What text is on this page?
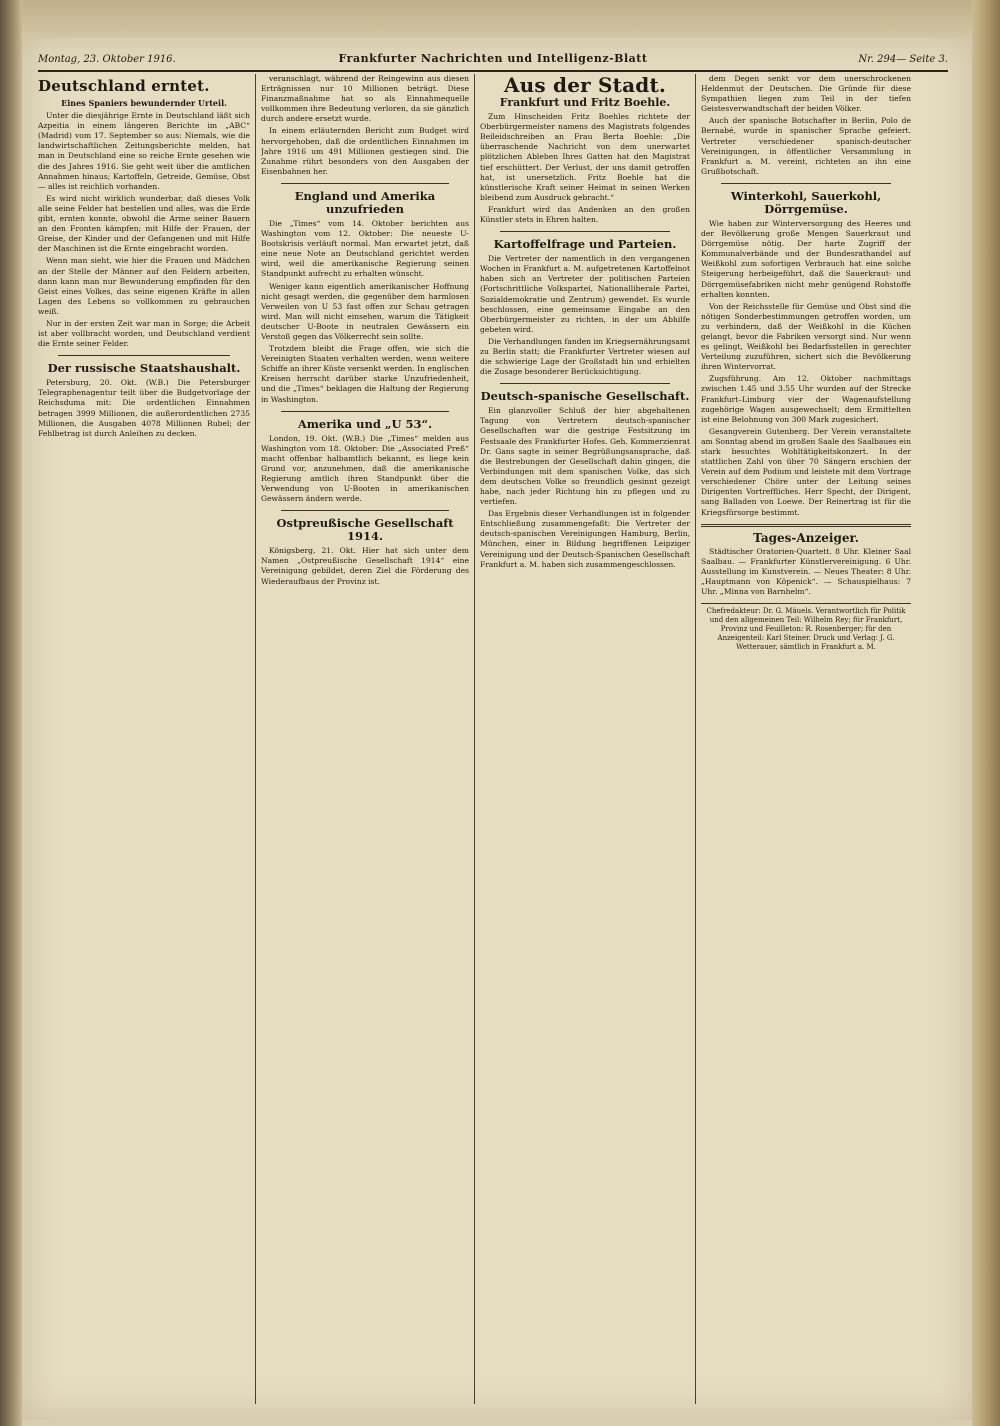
Montag, 23. Oktober 1916.	Frankfurter Nachrichten und Intelligenz-Blatt	Nr. 294— Seite 3.
Deutschland erntet.
Eines Spaniers bewundernder Urteil.

Unter die diesjährige Ernte in Deutschland läßt sich Azpeitia in einem längeren Berichte im „ABC“ (Madrid) vom 17. September so aus: Niemals, wie die landwirtschaftlichen Zeitungsberichte melden, hat man in Deutschland eine so reiche Ernte gesehen wie die des Jahres 1916. Sie geht weit über die amtlichen Annahmen hinaus; Kartoffeln, Getreide, Gemüse, Obst — alles ist reichlich vorhanden.

Es wird nicht wirklich wunderbar, daß dieses Volk alle seine Felder hat bestellen und alles, was die Erde gibt, ernten konnte, obwohl die Arme seiner Bauern an den Fronten kämpfen; mit Hilfe der Frauen, der Greise, der Kinder und der Gefangenen und mit Hilfe der Maschinen ist die Ernte eingebracht worden.

Wenn man sieht, wie hier die Frauen und Mädchen an der Stelle der Männer auf den Feldern arbeiten, dann kann man nur Bewunderung empfinden für den Geist eines Volkes, das seine eigenen Kräfte in allen Lagen des Lebens so vollkommen zu gebrauchen weiß.

Nur in der ersten Zeit war man in Sorge; die Arbeit ist aber vollbracht worden, und Deutschland verdient die Ernte seiner Felder.

Der russische Staatshaushalt.

Petersburg, 20. Okt. (W.B.) Die Petersburger Telegraphenagentur teilt über die Budgetvorlage der Reichsduma mit: Die ordentlichen Einnahmen betragen 3999 Millionen, die außerordentlichen 2735 Millionen, die Ausgaben 4078 Millionen Rubel; der Fehlbetrag ist durch Anleihen zu decken.

veranschlagt, während der Reingewinn aus diesen Erträgnissen nur 10 Millionen beträgt. Diese Finanzmaßnahme hat so als Einnahmequelle vollkommen ihre Bedeutung verloren, da sie gänzlich durch andere ersetzt wurde.

In einem erläuternden Bericht zum Budget wird hervorgehoben, daß die ordentlichen Einnahmen im Jahre 1916 um 491 Millionen gestiegen sind. Die Zunahme rührt besonders von den Ausgaben der Eisenbahnen her.

England und Amerika unzufrieden

Die „Times“ vom 14. Oktober berichten aus Washington vom 12. Oktober: Die neueste U-Bootskrisis verläuft normal. Man erwartet jetzt, daß eine neue Note an Deutschland gerichtet werden wird, weil die amerikanische Regierung seinen Standpunkt aufrecht zu erhalten wünscht.

Weniger kann eigentlich amerikanischer Hoffnung nicht gesagt werden, die gegenüber dem harmlosen Verweilen von U 53 fast offen zur Schau getragen wird. Man will nicht einsehen, warum die Tätigkeit deutscher U-Boote in neutralen Gewässern ein Verstoß gegen das Völkerrecht sein sollte.

Trotzdem bleibt die Frage offen, wie sich die Vereinigten Staaten verhalten werden, wenn weitere Schiffe an ihrer Küste versenkt werden. In englischen Kreisen herrscht darüber starke Unzufriedenheit, und die „Times“ beklagen die Haltung der Regierung in Washington.

Amerika und „U 53“.

London, 19. Okt. (W.B.) Die „Times“ melden aus Washington vom 18. Oktober: Die „Associated Preß“ macht offenbar halbamtlich bekannt, es liege kein Grund vor, anzunehmen, daß die amerikanische Regierung amtlich ihren Standpunkt über die Verwendung von U-Booten in amerikanischen Gewässern ändern werde.

Ostpreußische Gesellschaft 1914.

Königsberg, 21. Okt. Hier hat sich unter dem Namen „Ostpreußische Gesellschaft 1914“ eine Vereinigung gebildet, deren Ziel die Förderung des Wiederaufbaus der Provinz ist.

Aus der Stadt.
Frankfurt und Fritz Boehle.

Zum Hinscheiden Fritz Boehles richtete der Oberbürgermeister namens des Magistrats folgendes Beileidschreiben an Frau Berta Boehle: „Die überraschende Nachricht von dem unerwartet plötzlichen Ableben Ihres Gatten hat den Magistrat tief erschüttert. Der Verlust, der uns damit getroffen hat, ist unersetzlich. Fritz Boehle hat die künstlerische Kraft seiner Heimat in seinen Werken bleibend zum Ausdruck gebracht.“

Frankfurt wird das Andenken an den großen Künstler stets in Ehren halten.

Kartoffelfrage und Parteien.

Die Vertreter der namentlich in den vergangenen Wochen in Frankfurt a. M. aufgetretenen Kartoffelnot haben sich an Vertreter der politischen Parteien (Fortschrittliche Volkspartei, Nationalliberale Partei, Sozialdemokratie und Zentrum) gewendet. Es wurde beschlossen, eine gemeinsame Eingabe an den Oberbürgermeister zu richten, in der um Abhilfe gebeten wird.

Die Verhandlungen fanden im Kriegsernährungsamt zu Berlin statt; die Frankfurter Vertreter wiesen auf die schwierige Lage der Großstadt hin und erhielten die Zusage besonderer Berücksichtigung.

Deutsch-spanische Gesellschaft.

Ein glanzvoller Schluß der hier abgehaltenen Tagung von Vertretern deutsch-spanischer Gesellschaften war die gestrige Festsitzung im Festsaale des Frankfurter Hofes. Geh. Kommerzienrat Dr. Gans sagte in seiner Begrüßungsansprache, daß die Bestrebungen der Gesellschaft dahin gingen, die Verbindungen mit dem spanischen Volke, das sich dem deutschen Volke so freundlich gesinnt gezeigt habe, nach jeder Richtung hin zu pflegen und zu vertiefen.

Das Ergebnis dieser Verhandlungen ist in folgender Entschließung zusammengefaßt: Die Vertreter der deutsch-spanischen Vereinigungen Hamburg, Berlin, München, einer in Bildung begriffenen Leipziger Vereinigung und der Deutsch-Spanischen Gesellschaft Frankfurt a. M. haben sich zusammengeschlossen.

dem Degen senkt vor dem unerschrockenen Heldenmut der Deutschen. Die Gründe für diese Sympathien liegen zum Teil in der tiefen Geistesverwandtschaft der beiden Völker.

Auch der spanische Botschafter in Berlin, Polo de Bernabé, wurde in spanischer Sprache gefeiert. Vertreter verschiedener spanisch-deutscher Vereinigungen, in öffentlicher Versammlung in Frankfurt a. M. vereint, richteten an ihn eine Grußbotschaft.

Winterkohl, Sauerkohl, Dörrgemüse.

Wie haben zur Winterversorgung des Heeres und der Bevölkerung große Mengen Sauerkraut und Dörrgemüse nötig. Der harte Zugriff der Kommunalverbände und der Bundesrathandel auf Weißkohl zum sofortigen Verbrauch hat eine solche Steigerung herbeigeführt, daß die Sauerkraut- und Dörrgemüsefabriken nicht mehr genügend Rohstoffe erhalten konnten.

Von der Reichsstelle für Gemüse und Obst sind die nötigen Sonderbestimmungen getroffen worden, um zu verhindern, daß der Weißkohl in die Küchen gelangt, bevor die Fabriken versorgt sind. Nur wenn es gelingt, Weißkohl bei Bedarfsstellen in gerechter Verteilung zuzuführen, sichert sich die Bevölkerung ihren Wintervorrat.

Zugsführung. Am 12. Oktober nachmittags zwischen 1.45 und 3.55 Uhr wurden auf der Strecke Frankfurt–Limburg vier der Wagenaufstellung zugehörige Wagen ausgewechselt; dem Ermittelten ist eine Belohnung von 300 Mark zugesichert.

Gesangverein Gutenberg. Der Verein veranstaltete am Sonntag abend im großen Saale des Saalbaues ein stark besuchtes Wohltätigkeitskonzert. In der stattlichen Zahl von über 70 Sängern erschien der Verein auf dem Podium und leistete mit dem Vortrage verschiedener Chöre unter der Leitung seines Dirigenten Vortreffliches. Herr Specht, der Dirigent, sang Balladen von Loewe. Der Reinertrag ist für die Kriegsfürsorge bestimmt.

Tages-Anzeiger.

Städtischer Oratorien-Quartett. 8 Uhr. Kleiner Saal Saalbau. — Frankfurter Künstlervereinigung. 6 Uhr. Ausstellung im Kunstverein. — Neues Theater: 8 Uhr. „Hauptmann von Köpenick“. — Schauspielhaus: 7 Uhr. „Minna von Barnhelm“.

Chefredakteur: Dr. G. Mäuels. Verantwortlich für Politik und den allgemeinen Teil: Wilhelm Rey; für Frankfurt, Provinz und Feuilleton: R. Rosenberger; für den Anzeigenteil: Karl Steiner. Druck und Verlag: J. G. Wetterauer, sämtlich in Frankfurt a. M.
